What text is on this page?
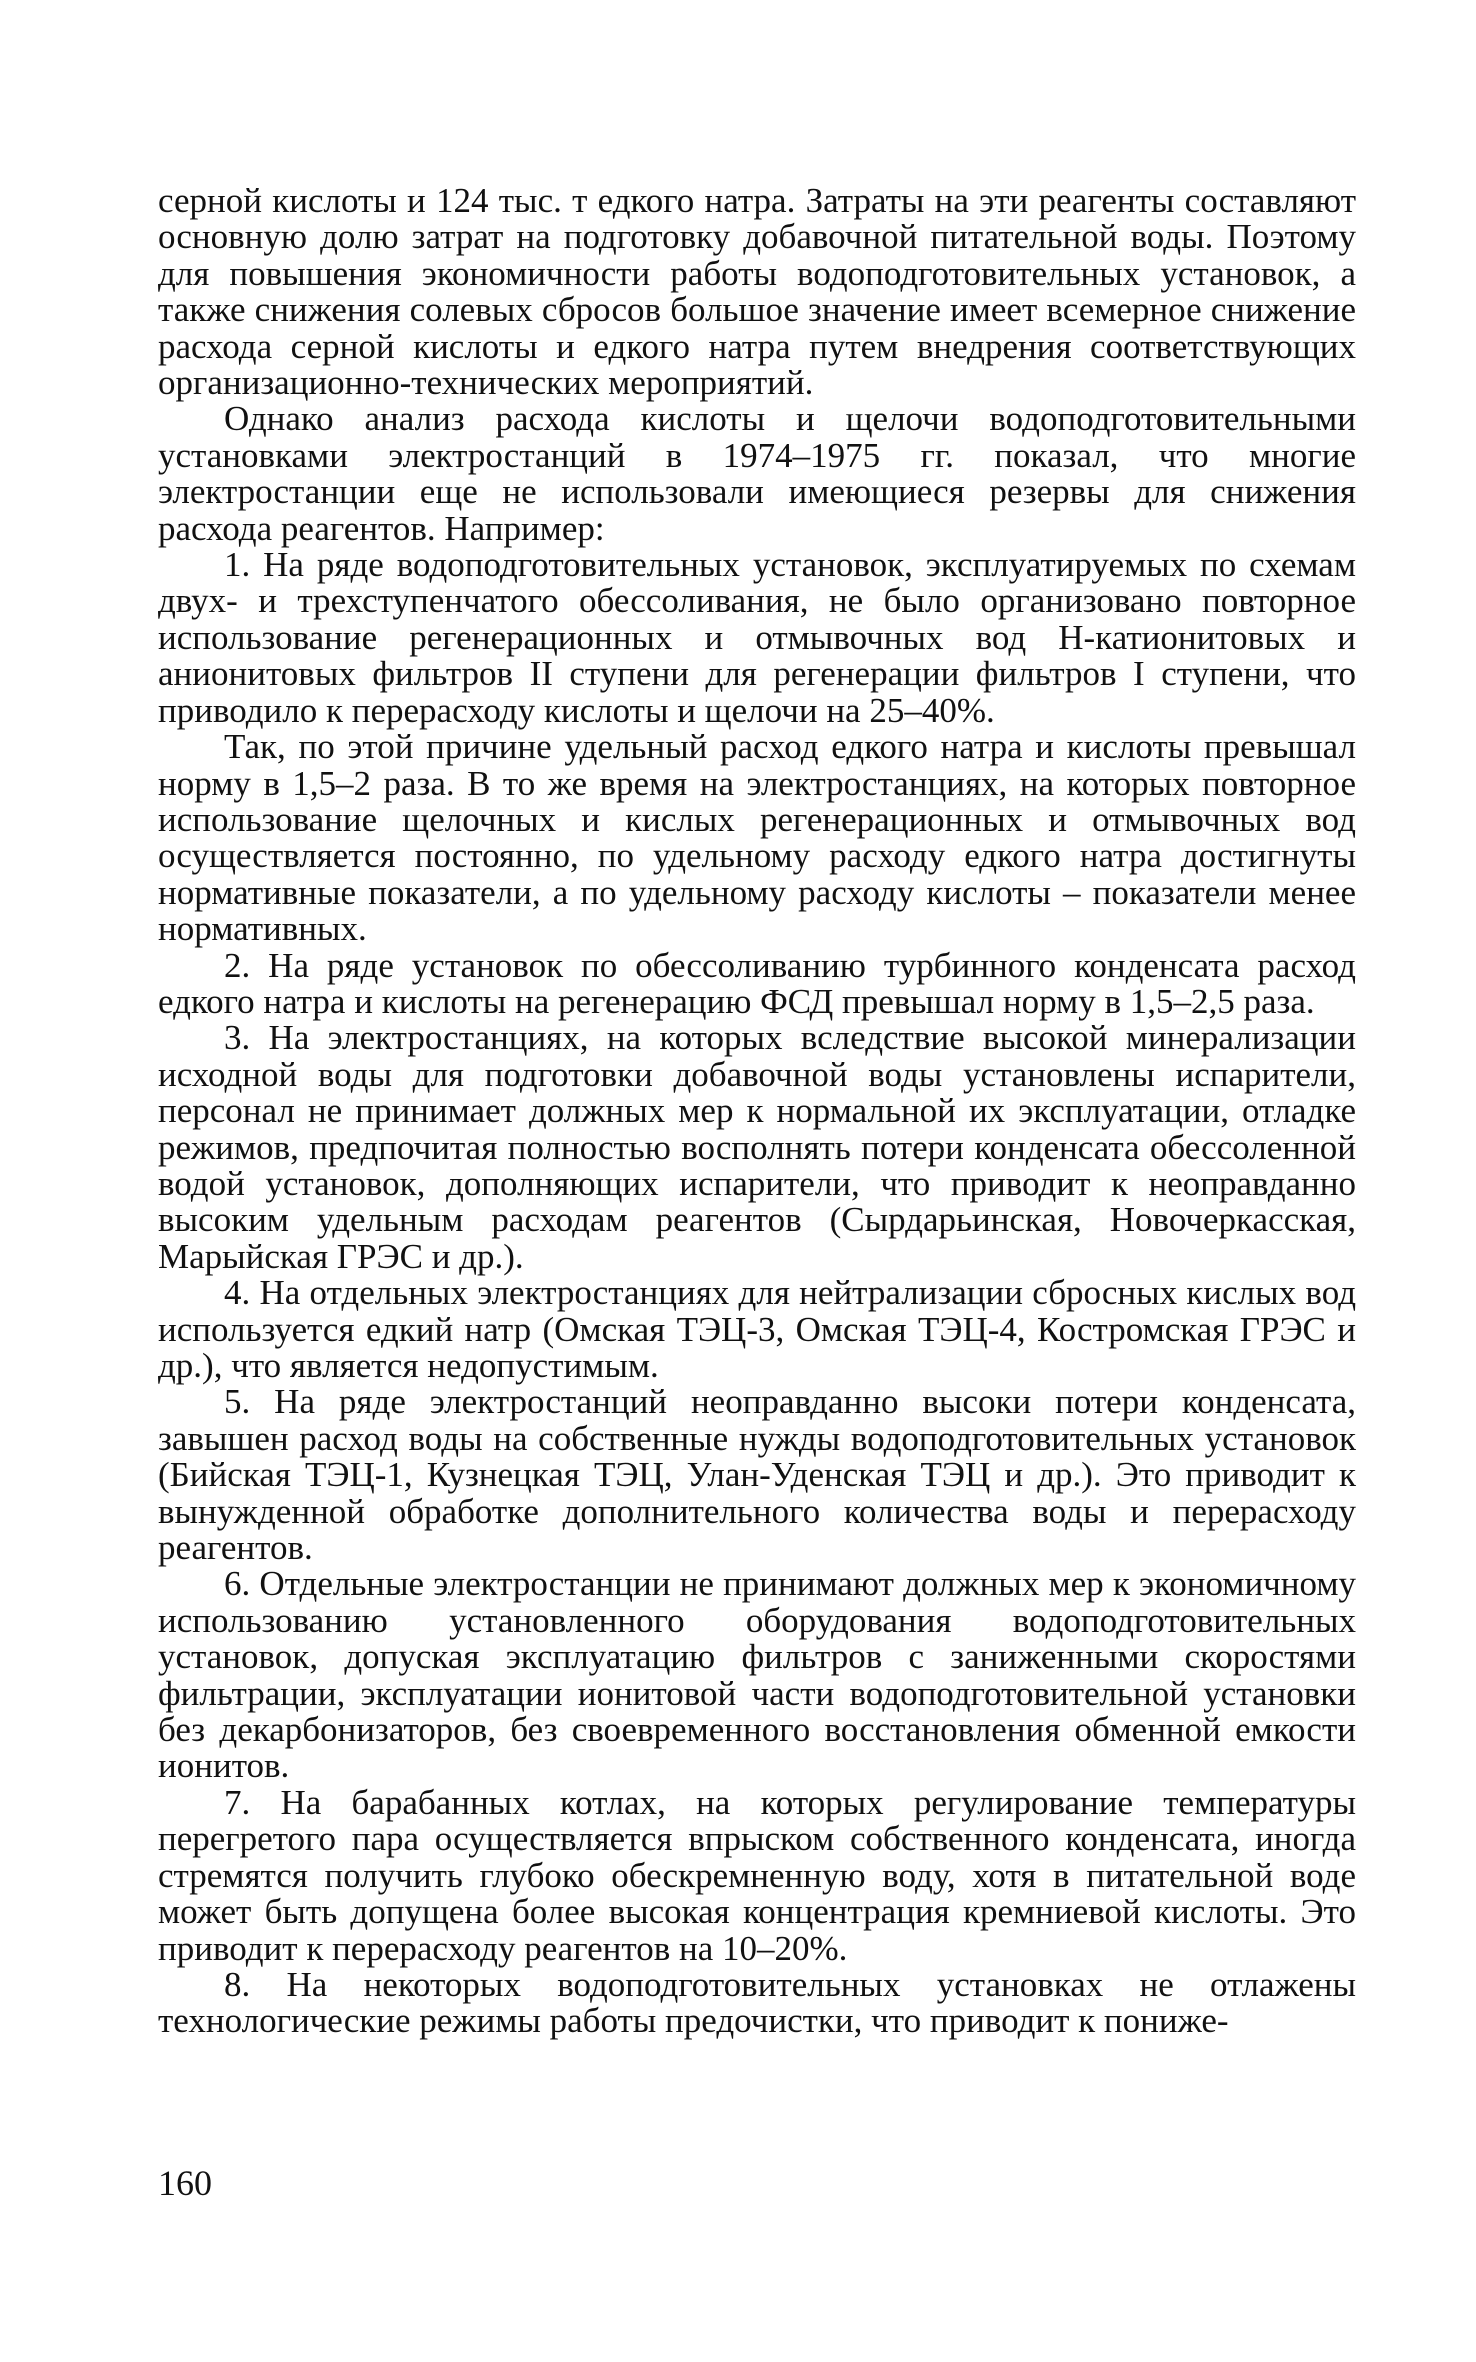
серной кислоты и 124 тыс. т едкого натра. Затраты на эти реагенты составляют основную долю затрат на подготовку добавочной питательной воды. Поэтому для повышения экономичности работы водоподготовительных установок, а также снижения солевых сбросов большое значение имеет всемерное снижение расхода серной кислоты и едкого натра путем внедрения соответствующих организационно-технических мероприятий.

Однако анализ расхода кислоты и щелочи водоподготовительными установками электростанций в 1974–1975 гг. показал, что многие электростанции еще не использовали имеющиеся резервы для снижения расхода реагентов. Например:

1. На ряде водоподготовительных установок, эксплуатируемых по схемам двух- и трехступенчатого обессоливания, не было организовано повторное использование регенерационных и отмывочных вод Н-катионитовых и анионитовых фильтров II ступени для регенерации фильтров I ступени, что приводило к перерасходу кислоты и щелочи на 25–40%.

Так, по этой причине удельный расход едкого натра и кислоты превышал норму в 1,5–2 раза. В то же время на электростанциях, на которых повторное использование щелочных и кислых регенерационных и отмывочных вод осуществляется постоянно, по удельному расходу едкого натра достигнуты нормативные показатели, а по удельному расходу кислоты – показатели менее нормативных.

2. На ряде установок по обессоливанию турбинного конденсата расход едкого натра и кислоты на регенерацию ФСД превышал норму в 1,5–2,5 раза.

3. На электростанциях, на которых вследствие высокой минерализации исходной воды для подготовки добавочной воды установлены испарители, персонал не принимает должных мер к нормальной их эксплуатации, отладке режимов, предпочитая полностью восполнять потери конденсата обессоленной водой установок, дополняющих испарители, что приводит к неоправданно высоким удельным расходам реагентов (Сырдарьинская, Новочеркасская, Марыйская ГРЭС и др.).

4. На отдельных электростанциях для нейтрализации сбросных кислых вод используется едкий натр (Омская ТЭЦ-3, Омская ТЭЦ-4, Костромская ГРЭС и др.), что является недопустимым.

5. На ряде электростанций неоправданно высоки потери конденсата, завышен расход воды на собственные нужды водоподготовительных установок (Бийская ТЭЦ-1, Кузнецкая ТЭЦ, Улан-Уденская ТЭЦ и др.). Это приводит к вынужденной обработке дополнительного количества воды и перерасходу реагентов.

6. Отдельные электростанции не принимают должных мер к экономичному использованию установленного оборудования водоподготовительных установок, допуская эксплуатацию фильтров с заниженными скоростями фильтрации, эксплуатации ионитовой части водоподготовительной установки без декарбонизаторов, без своевременного восстановления обменной емкости ионитов.

7. На барабанных котлах, на которых регулирование температуры перегретого пара осуществляется впрыском собственного конденсата, иногда стремятся получить глубоко обескремненную воду, хотя в питательной воде может быть допущена более высокая концентрация кремниевой кислоты. Это приводит к перерасходу реагентов на 10–20%.

8. На некоторых водоподготовительных установках не отлажены технологические режимы работы предочистки, что приводит к пониже-

160
